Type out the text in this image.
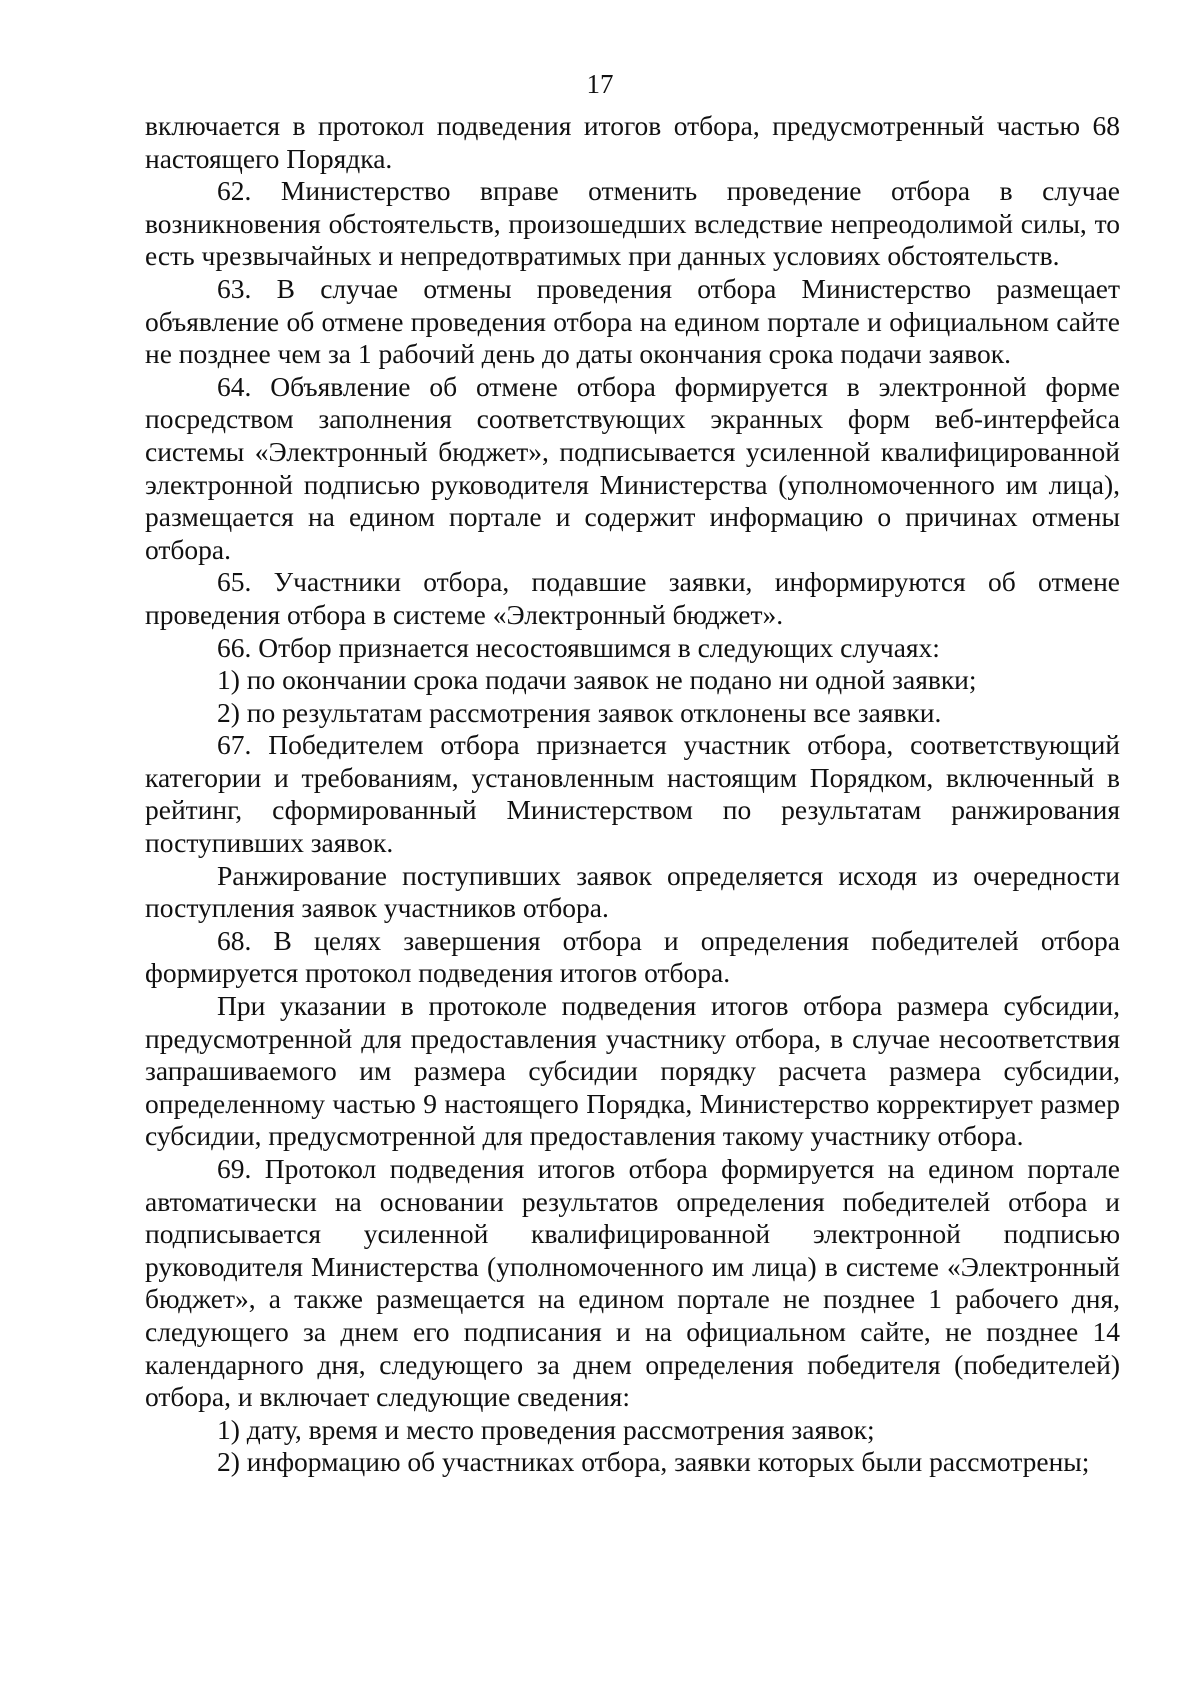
17

включается в протокол подведения итогов отбора, предусмотренный частью 68 настоящего Порядка.

62. Министерство вправе отменить проведение отбора в случае возникновения обстоятельств, произошедших вследствие непреодолимой силы, то есть чрезвычайных и непредотвратимых при данных условиях обстоятельств.

63. В случае отмены проведения отбора Министерство размещает объявление об отмене проведения отбора на едином портале и официальном сайте не позднее чем за 1 рабочий день до даты окончания срока подачи заявок.

64. Объявление об отмене отбора формируется в электронной форме посредством заполнения соответствующих экранных форм веб-интерфейса системы «Электронный бюджет», подписывается усиленной квалифицированной электронной подписью руководителя Министерства (уполномоченного им лица), размещается на едином портале и содержит информацию о причинах отмены отбора.

65. Участники отбора, подавшие заявки, информируются об отмене проведения отбора в системе «Электронный бюджет».

66. Отбор признается несостоявшимся в следующих случаях:

1) по окончании срока подачи заявок не подано ни одной заявки;

2) по результатам рассмотрения заявок отклонены все заявки.

67. Победителем отбора признается участник отбора, соответствующий категории и требованиям, установленным настоящим Порядком, включенный в рейтинг, сформированный Министерством по результатам ранжирования поступивших заявок.

Ранжирование поступивших заявок определяется исходя из очередности поступления заявок участников отбора.

68. В целях завершения отбора и определения победителей отбора формируется протокол подведения итогов отбора.

При указании в протоколе подведения итогов отбора размера субсидии, предусмотренной для предоставления участнику отбора, в случае несоответствия запрашиваемого им размера субсидии порядку расчета размера субсидии, определенному частью 9 настоящего Порядка, Министерство корректирует размер субсидии, предусмотренной для предоставления такому участнику отбора.

69. Протокол подведения итогов отбора формируется на едином портале автоматически на основании результатов определения победителей отбора и подписывается усиленной квалифицированной электронной подписью руководителя Министерства (уполномоченного им лица) в системе «Электронный бюджет», а также размещается на едином портале не позднее 1 рабочего дня, следующего за днем его подписания и на официальном сайте, не позднее 14 календарного дня, следующего за днем определения победителя (победителей) отбора, и включает следующие сведения:

1) дату, время и место проведения рассмотрения заявок;

2) информацию об участниках отбора, заявки которых были рассмотрены;
